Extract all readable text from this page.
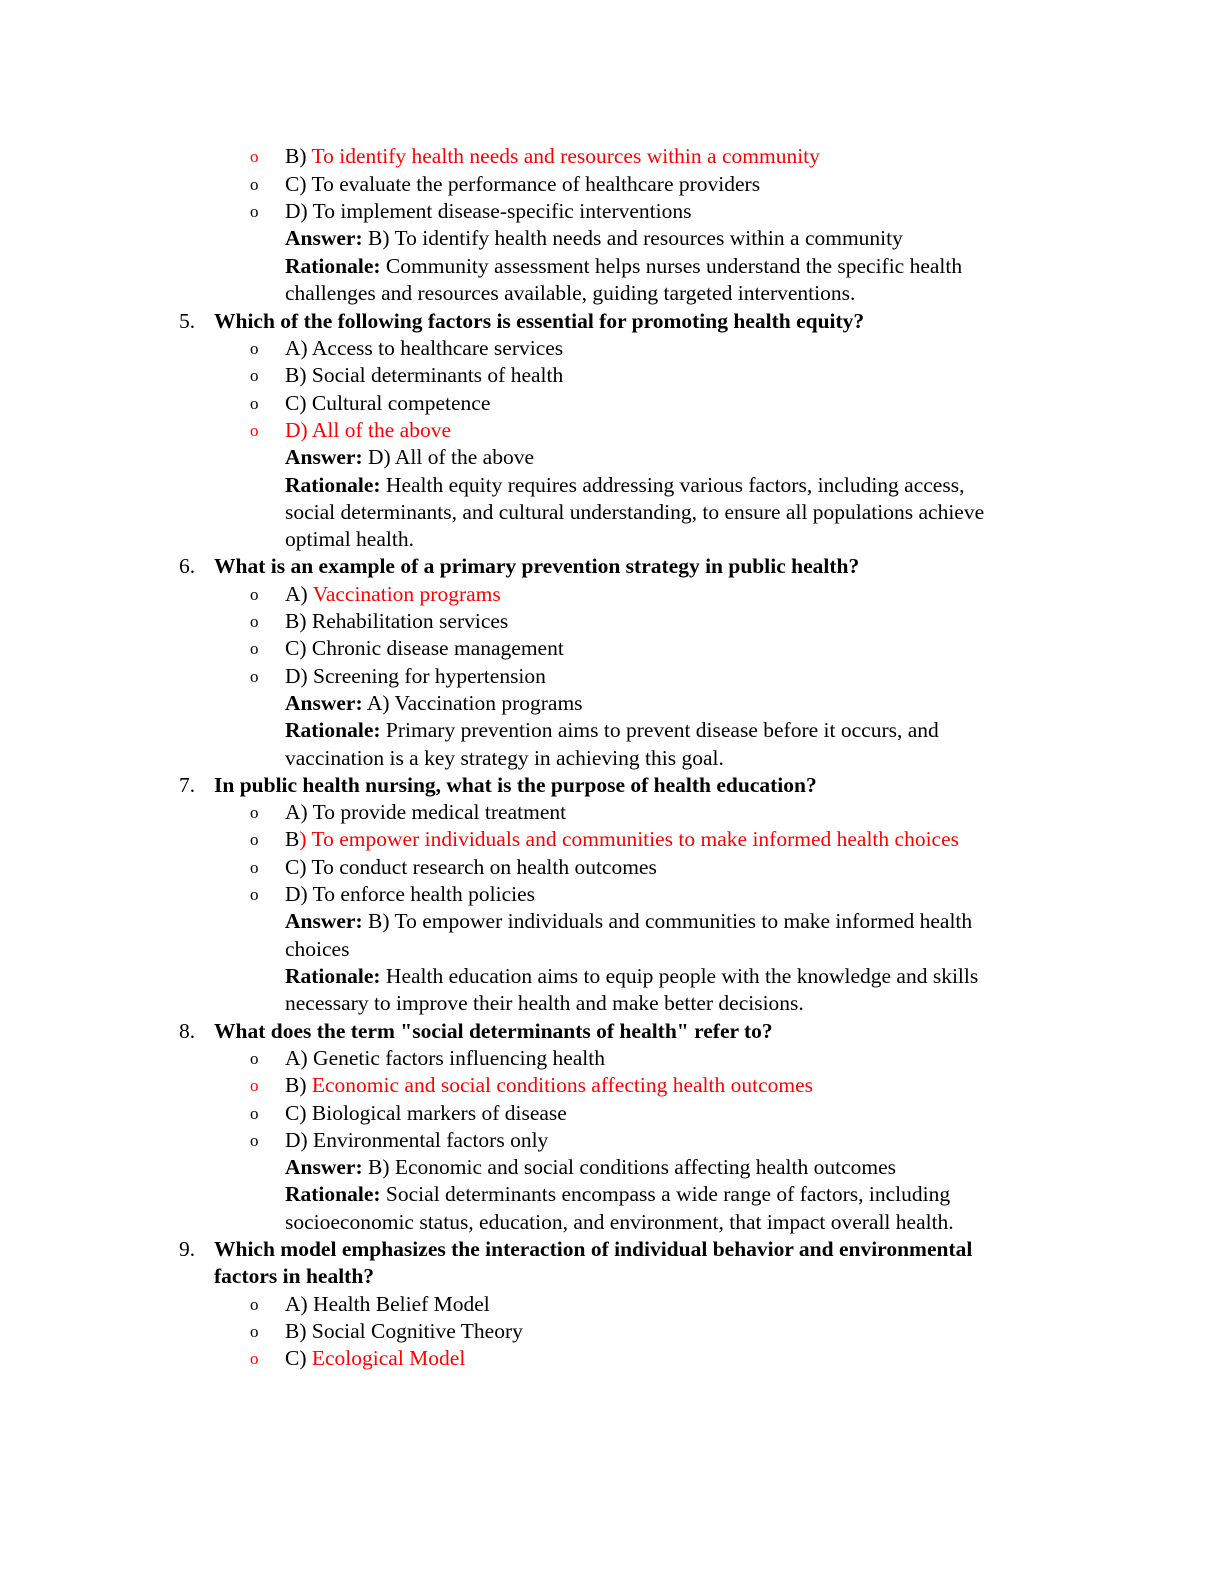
o B) To identify health needs and resources within a community
o C) To evaluate the performance of healthcare providers
o D) To implement disease-specific interventions
Answer: B) To identify health needs and resources within a community
Rationale: Community assessment helps nurses understand the specific health
challenges and resources available, guiding targeted interventions.
5. Which of the following factors is essential for promoting health equity?
o A) Access to healthcare services
o B) Social determinants of health
o C) Cultural competence
o D) All of the above
Answer: D) All of the above
Rationale: Health equity requires addressing various factors, including access,
social determinants, and cultural understanding, to ensure all populations achieve
optimal health.
6. What is an example of a primary prevention strategy in public health?
o A) Vaccination programs
o B) Rehabilitation services
o C) Chronic disease management
o D) Screening for hypertension
Answer: A) Vaccination programs
Rationale: Primary prevention aims to prevent disease before it occurs, and
vaccination is a key strategy in achieving this goal.
7. In public health nursing, what is the purpose of health education?
o A) To provide medical treatment
o B) To empower individuals and communities to make informed health choices
o C) To conduct research on health outcomes
o D) To enforce health policies
Answer: B) To empower individuals and communities to make informed health
choices
Rationale: Health education aims to equip people with the knowledge and skills
necessary to improve their health and make better decisions.
8. What does the term "social determinants of health" refer to?
o A) Genetic factors influencing health
o B) Economic and social conditions affecting health outcomes
o C) Biological markers of disease
o D) Environmental factors only
Answer: B) Economic and social conditions affecting health outcomes
Rationale: Social determinants encompass a wide range of factors, including
socioeconomic status, education, and environment, that impact overall health.
9. Which model emphasizes the interaction of individual behavior and environmental
factors in health?
o A) Health Belief Model
o B) Social Cognitive Theory
o C) Ecological Model
